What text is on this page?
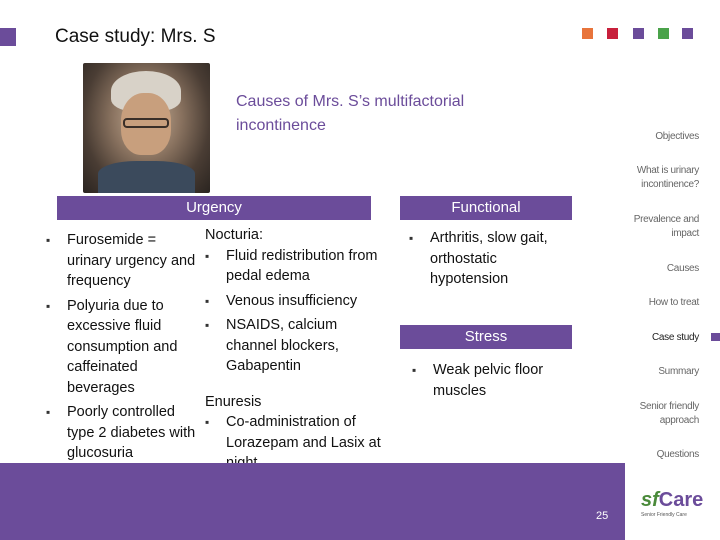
Case study: Mrs. S
Causes of Mrs. S’s multifactorial incontinence
Objectives
What is urinary incontinence?
Prevalence and impact
Causes
How to treat
Case study
Summary
Senior friendly approach
Questions
Urgency	Functional
Stress
▪ Furosemide = urinary urgency and frequency
▪ Polyuria due to excessive fluid consumption and caffeinated beverages
▪ Poorly controlled type 2 diabetes with glucosuria
Nocturia:
▪ Fluid redistribution from pedal edema
▪ Venous insufficiency
▪ NSAIDS, calcium channel blockers, Gabapentin
Enuresis
▪ Co-administration of Lorazepam and Lasix at
▪ Arthritis, slow gait, orthostatic hypotension
▪ Weak pelvic floor muscles
25
sfCare
Senior Friendly Care
